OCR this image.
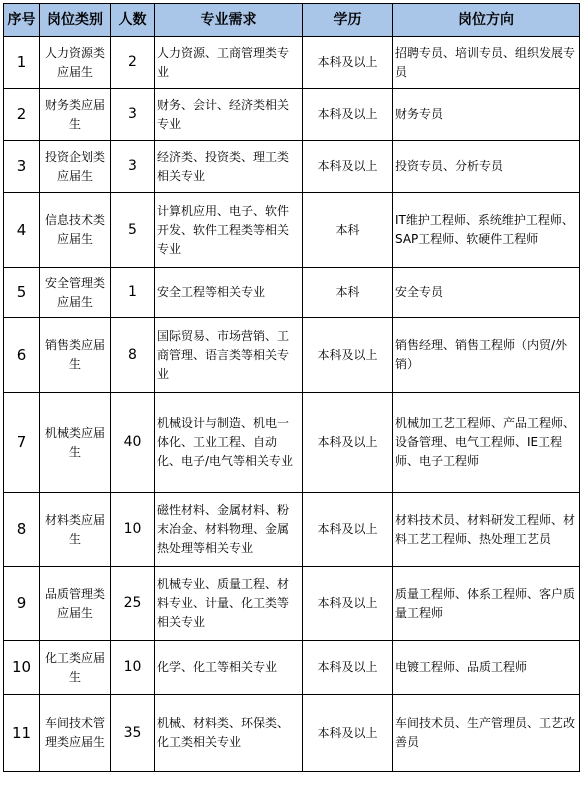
序号	岗位类别	人数	专业需求	学历	岗位方向
1	人力资源类应届生	2	人力资源、工商管理类专业	本科及以上	招聘专员、培训专员、组织发展专员
2	财务类应届生	3	财务、会计、经济类相关专业	本科及以上	财务专员
3	投资企划类应届生	3	经济类、投资类、理工类相关专业	本科及以上	投资专员、分析专员
4	信息技术类应届生	5	计算机应用、电子、软件开发、软件工程类等相关专业	本科	IT维护工程师、系统维护工程师、SAP工程师、软硬件工程师
5	安全管理类应届生	1	安全工程等相关专业	本科	安全专员
6	销售类应届生	8	国际贸易、市场营销、工商管理、语言类等相关专业	本科及以上	销售经理、销售工程师（内贸/外销）
7	机械类应届生	40	机械设计与制造、机电一体化、工业工程、自动化、电子/电气等相关专业	本科及以上	机械加工艺工程师、产品工程师、设备管理、电气工程师、IE工程师、电子工程师
8	材料类应届生	10	磁性材料、金属材料、粉末冶金、材料物理、金属热处理等相关专业	本科及以上	材料技术员、材料研发工程师、材料工艺工程师、热处理工艺员
9	品质管理类应届生	25	机械专业、质量工程、材料专业、计量、化工类等相关专业	本科及以上	质量工程师、体系工程师、客户质量工程师
10	化工类应届生	10	化学、化工等相关专业	本科及以上	电镀工程师、品质工程师
11	车间技术管理类应届生	35	机械、材料类、环保类、化工类相关专业	本科及以上	车间技术员、生产管理员、工艺改善员
